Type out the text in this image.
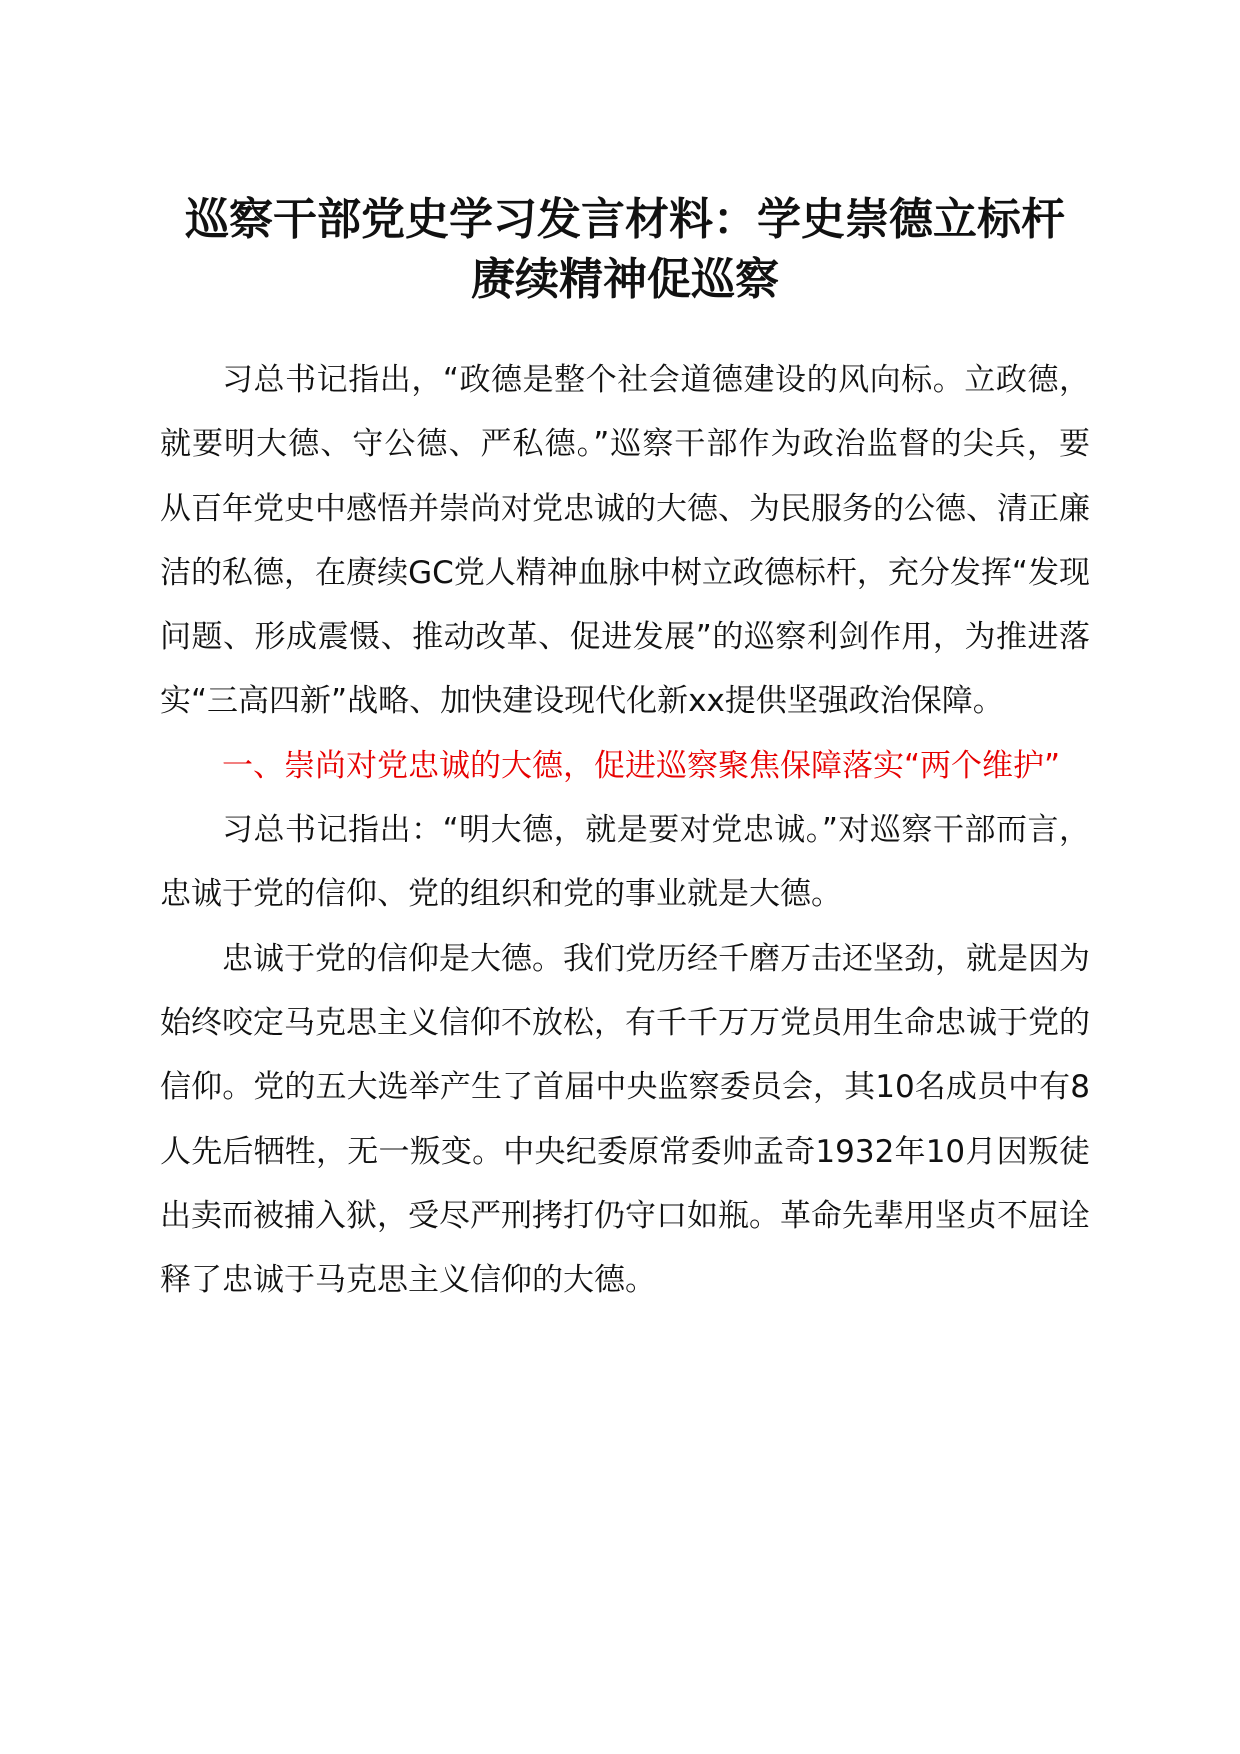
巡察干部党史学习发言材料：学史崇德立标杆
赓续精神促巡察

习总书记指出，“政德是整个社会道德建设的风向标。立政德，就要明大德、守公德、严私德。”巡察干部作为政治监督的尖兵，要从百年党史中感悟并崇尚对党忠诚的大德、为民服务的公德、清正廉洁的私德，在赓续GC党人精神血脉中树立政德标杆，充分发挥“发现问题、形成震慑、推动改革、促进发展”的巡察利剑作用，为推进落实“三高四新”战略、加快建设现代化新xx提供坚强政治保障。

一、崇尚对党忠诚的大德，促进巡察聚焦保障落实“两个维护”

习总书记指出：“明大德，就是要对党忠诚。”对巡察干部而言，忠诚于党的信仰、党的组织和党的事业就是大德。

忠诚于党的信仰是大德。我们党历经千磨万击还坚劲，就是因为始终咬定马克思主义信仰不放松，有千千万万党员用生命忠诚于党的信仰。党的五大选举产生了首届中央监察委员会，其10名成员中有8人先后牺牲，无一叛变。中央纪委原常委帅孟奇1932年10月因叛徒出卖而被捕入狱，受尽严刑拷打仍守口如瓶。革命先辈用坚贞不屈诠释了忠诚于马克思主义信仰的大德。
